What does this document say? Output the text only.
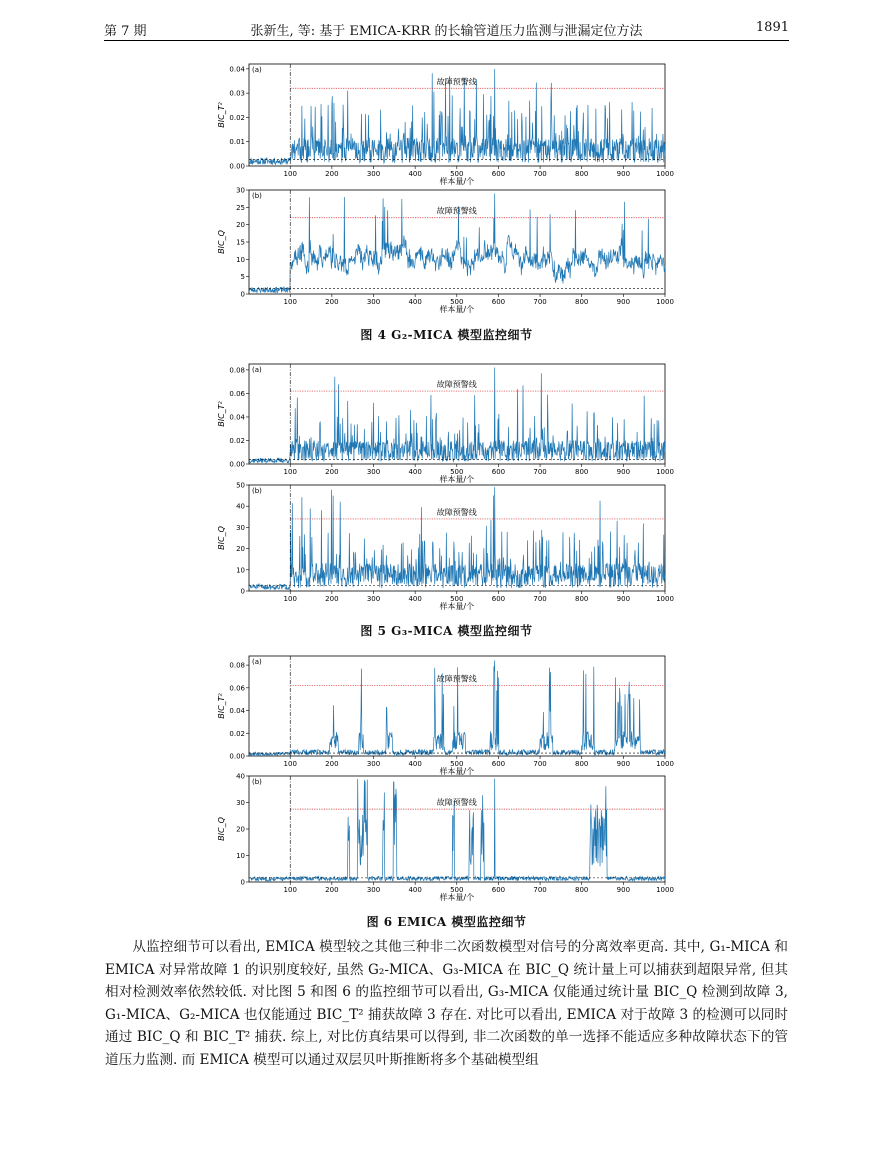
第 7 期	张新生, 等: 基于 EMICA-KRR 的长输管道压力监测与泄漏定位方法	1891
故障预警线
(a)
100	200	300	400	500	600	700	800	900	1000
0.00
0.01
0.02
0.03
0.04
BIC_T²
样本量/个
故障预警线
(b)
100	200	300	400	500	600	700	800	900	1000
0
5
10
15
20
25
30
BIC_Q
样本量/个
图 4 G₂-MICA 模型监控细节
故障预警线
(a)
100	200	300	400	500	600	700	800	900	1000
0.00
0.02
0.04
0.06
0.08
BIC_T²
样本量/个
故障预警线
(b)
100	200	300	400	500	600	700	800	900	1000
0
10
20
30
40
50
BIC_Q
样本量/个
图 5 G₃-MICA 模型监控细节
故障预警线
(a)
100	200	300	400	500	600	700	800	900	1000
0.00
0.02
0.04
0.06
0.08
BIC_T²
样本量/个
故障预警线
(b)
100	200	300	400	500	600	700	800	900	1000
0
10
20
30
40
BIC_Q
样本量/个
图 6 EMICA 模型监控细节

从监控细节可以看出, EMICA 模型较之其他三种非二次函数模型对信号的分离效率更高. 其中, G₁-MICA 和 EMICA 对异常故障 1 的识别度较好, 虽然 G₂-MICA、G₃-MICA 在 BIC_Q 统计量上可以捕获到超限异常, 但其相对检测效率依然较低. 对比图 5 和图 6 的监控细节可以看出, G₃-MICA 仅能通过统计量 BIC_Q 检测到故障 3, G₁-MICA、G₂-MICA 也仅能通过 BIC_T² 捕获故障 3 存在. 对比可以看出, EMICA 对于故障 3 的检测可以同时通过 BIC_Q 和 BIC_T² 捕获. 综上, 对比仿真结果可以得到, 非二次函数的单一选择不能适应多种故障状态下的管道压力监测. 而 EMICA 模型可以通过双层贝叶斯推断将多个基础模型组
